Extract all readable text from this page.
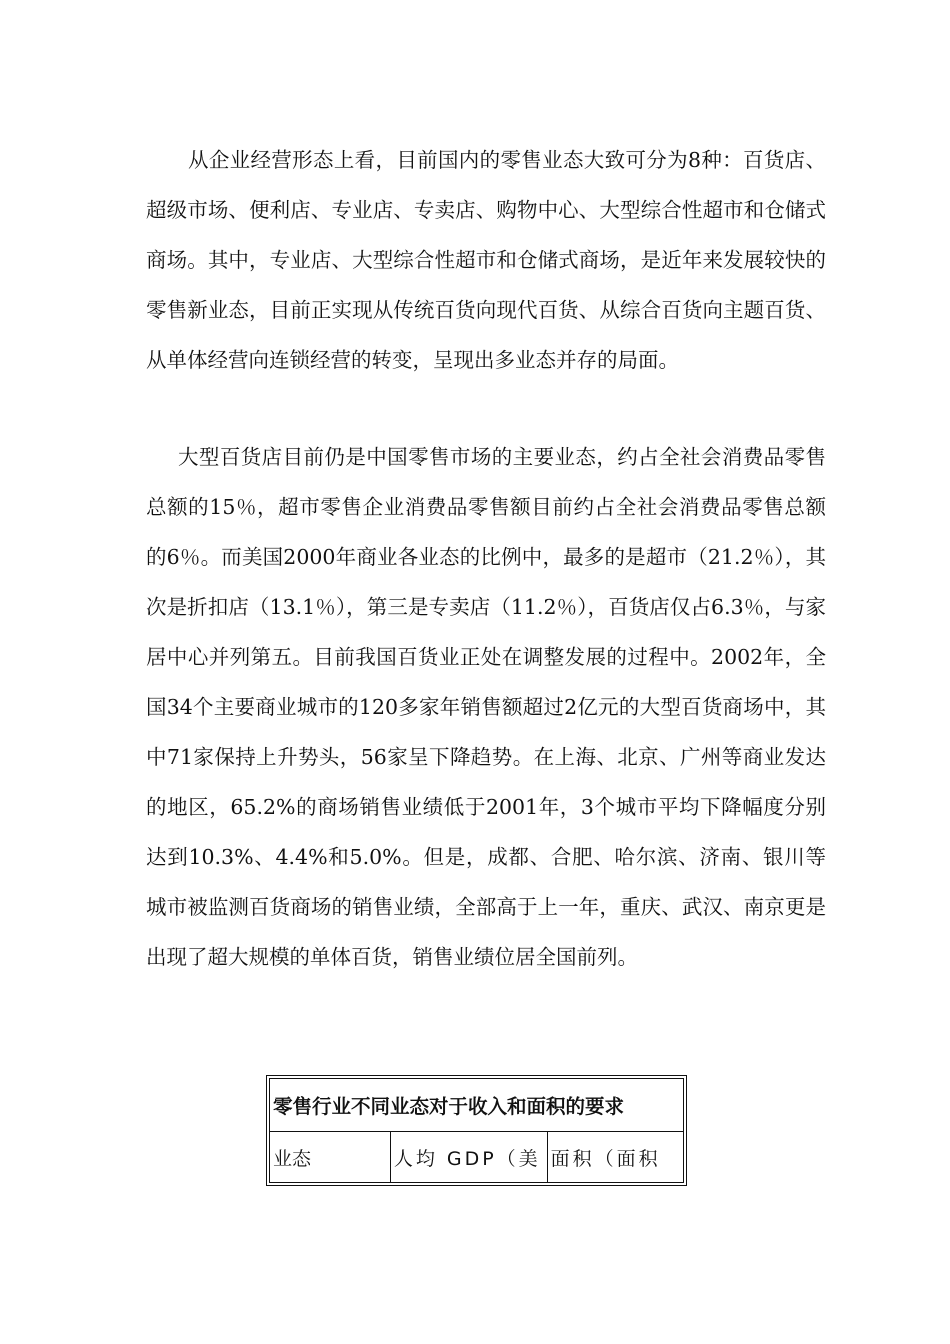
从企业经营形态上看，目前国内的零售业态大致可分为8种：百货店、超级市场、便利店、专业店、专卖店、购物中心、大型综合性超市和仓储式商场。其中，专业店、大型综合性超市和仓储式商场，是近年来发展较快的零售新业态，目前正实现从传统百货向现代百货、从综合百货向主题百货、从单体经营向连锁经营的转变，呈现出多业态并存的局面。

大型百货店目前仍是中国零售市场的主要业态，约占全社会消费品零售总额的15％，超市零售企业消费品零售额目前约占全社会消费品零售总额的6％。而美国2000年商业各业态的比例中，最多的是超市（21.2％），其次是折扣店（13.1％），第三是专卖店（11.2％），百货店仅占6.3％，与家居中心并列第五。目前我国百货业正处在调整发展的过程中。2002年，全国34个主要商业城市的120多家年销售额超过2亿元的大型百货商场中，其中71家保持上升势头，56家呈下降趋势。在上海、北京、广州等商业发达的地区，65.2%的商场销售业绩低于2001年，3个城市平均下降幅度分别达到10.3%、4.4%和5.0%。但是，成都、合肥、哈尔滨、济南、银川等城市被监测百货商场的销售业绩，全部高于上一年，重庆、武汉、南京更是出现了超大规模的单体百货，销售业绩位居全国前列。

零售行业不同业态对于收入和面积的要求
业态	人均 GDP（美	面积（面积
